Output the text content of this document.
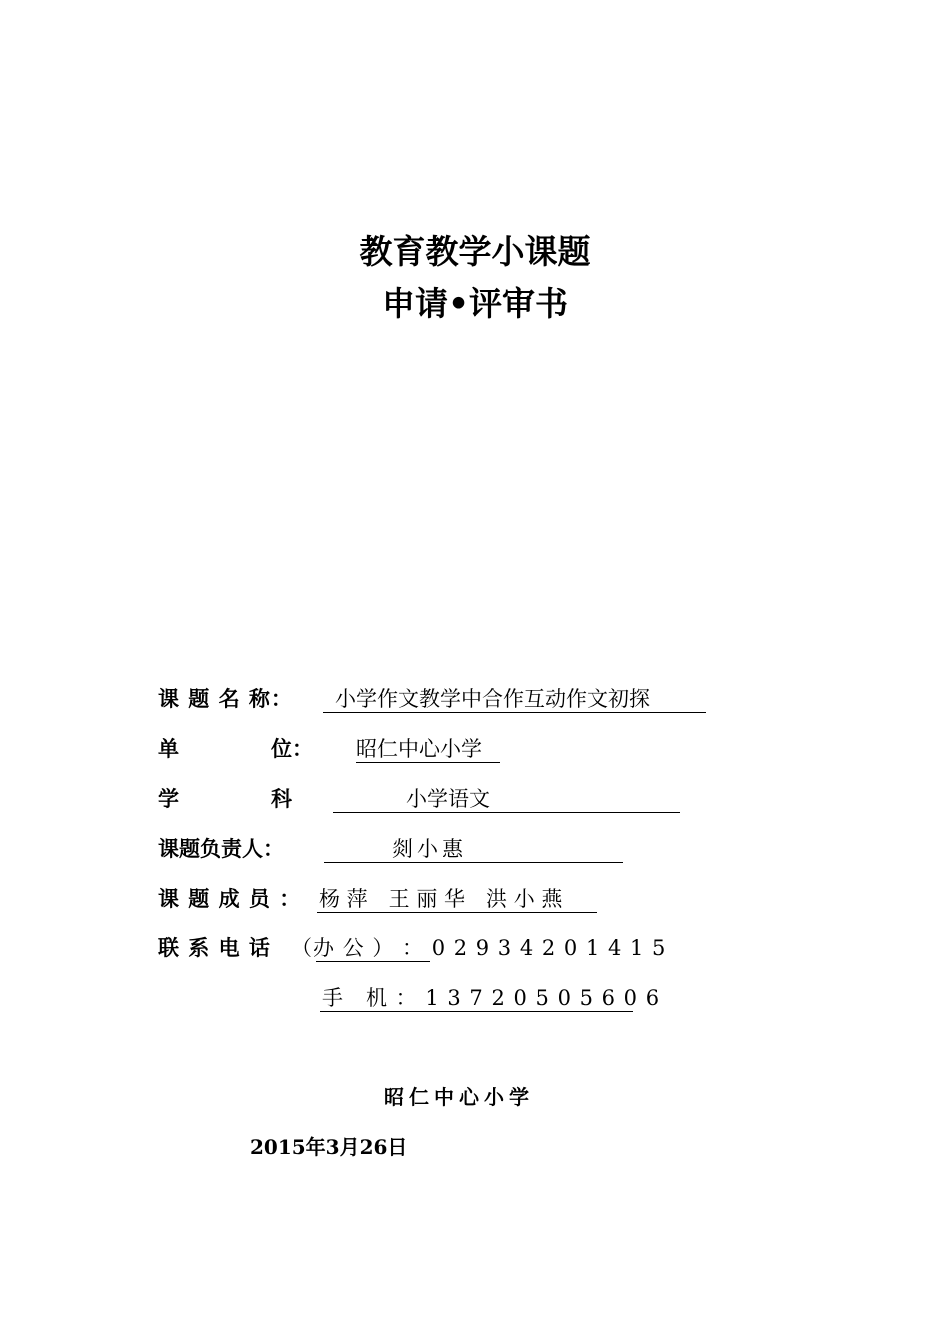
教育教学小课题
申请•评审书
课 题 名 称： 小学作文教学中合作互动作文初探
单	位： 昭仁中心小学
学	科	小学语文
课题负责人：	剡小惠
课 题 成 员 ： 杨 萍　王 丽 华　洪 小 燕
联 系 电 话 （办 公 ） ： 0 2 9 3 4 2 0 1 4 1 5
手　机 ： 1 3 7 2 0 5 0 5 6 0 6
昭仁中心小学
2015年3月26日
